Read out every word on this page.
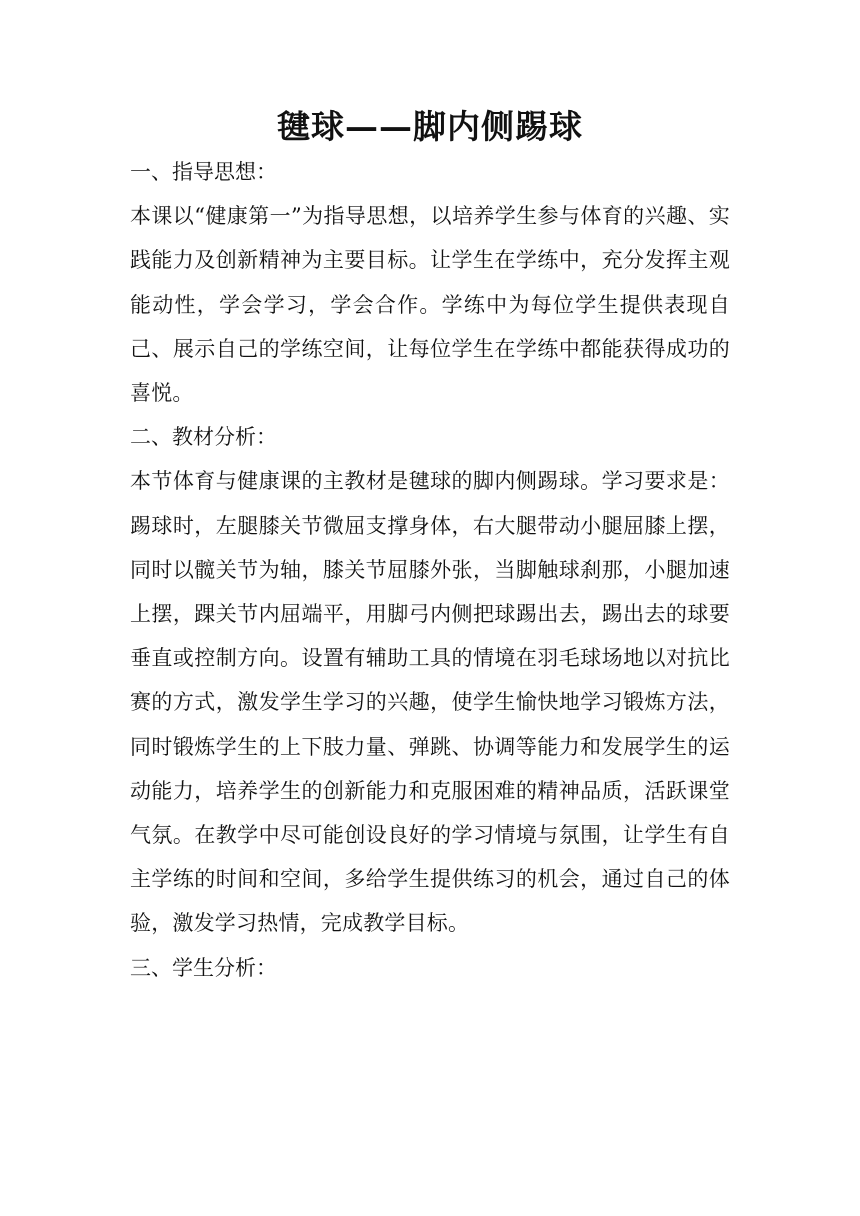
毽球——脚内侧踢球
一、指导思想：

本课以“健康第一”为指导思想，以培养学生参与体育的兴趣、实践能力及创新精神为主要目标。让学生在学练中，充分发挥主观能动性，学会学习，学会合作。学练中为每位学生提供表现自己、展示自己的学练空间，让每位学生在学练中都能获得成功的喜悦。

二、教材分析：

本节体育与健康课的主教材是毽球的脚内侧踢球。学习要求是：踢球时，左腿膝关节微屈支撑身体，右大腿带动小腿屈膝上摆，同时以髋关节为轴，膝关节屈膝外张，当脚触球刹那，小腿加速上摆，踝关节内屈端平，用脚弓内侧把球踢出去，踢出去的球要垂直或控制方向。设置有辅助工具的情境在羽毛球场地以对抗比赛的方式，激发学生学习的兴趣，使学生愉快地学习锻炼方法，同时锻炼学生的上下肢力量、弹跳、协调等能力和发展学生的运动能力，培养学生的创新能力和克服困难的精神品质，活跃课堂气氛。在教学中尽可能创设良好的学习情境与氛围，让学生有自主学练的时间和空间，多给学生提供练习的机会，通过自己的体验，激发学习热情，完成教学目标。

三、学生分析：
